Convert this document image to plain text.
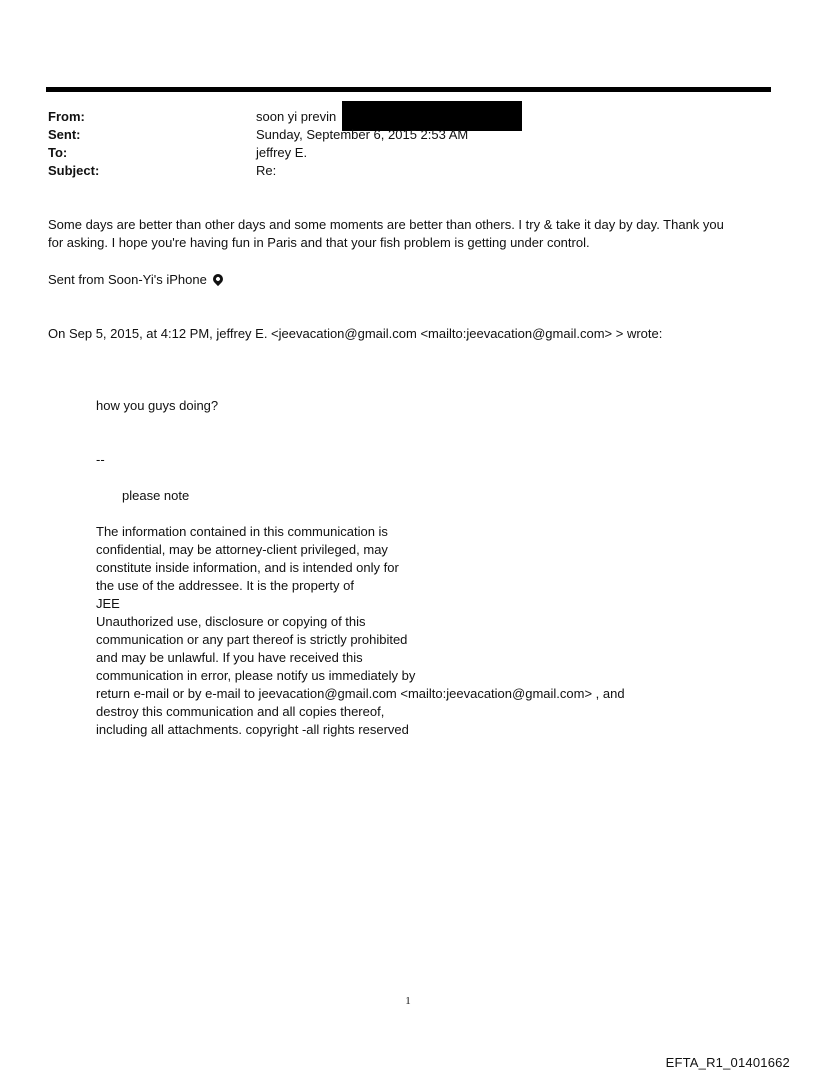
From:	soon yi previn
Sent:	Sunday, September 6, 2015 2:53 AM
To:	jeffrey E.
Subject:	Re:
Some days are better than other days and some moments are better than others. I try & take it day by day. Thank you
for asking. I hope you're having fun in Paris and that your fish problem is getting under control.
Sent from Soon-Yi's iPhone
On Sep 5, 2015, at 4:12 PM, jeffrey E. <jeevacation@gmail.com <mailto:jeevacation@gmail.com> > wrote:
how you guys doing?
--
please note
The information contained in this communication is
confidential, may be attorney-client privileged, may
constitute inside information, and is intended only for
the use of the addressee. It is the property of
JEE
Unauthorized use, disclosure or copying of this
communication or any part thereof is strictly prohibited
and may be unlawful. If you have received this
communication in error, please notify us immediately by
return e-mail or by e-mail to jeevacation@gmail.com <mailto:jeevacation@gmail.com> , and
destroy this communication and all copies thereof,
including all attachments. copyright -all rights reserved
1
EFTA_R1_01401662
